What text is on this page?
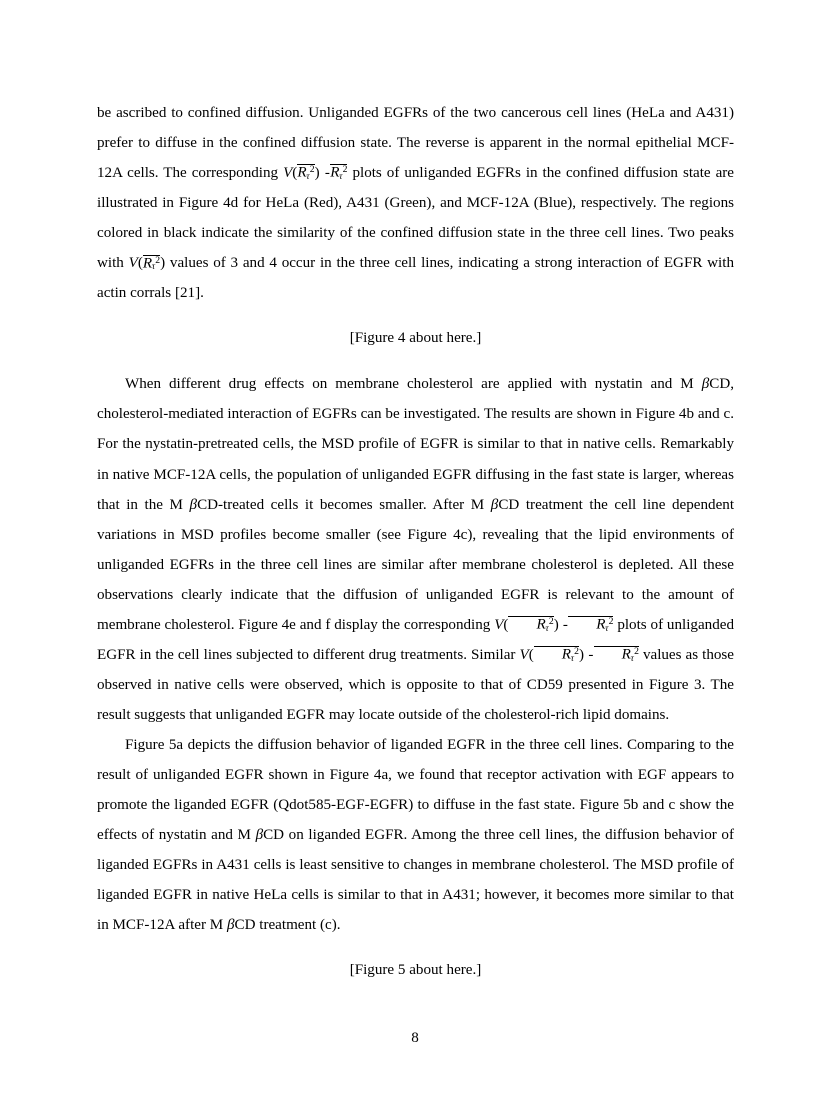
be ascribed to confined diffusion. Unliganded EGFRs of the two cancerous cell lines (HeLa and A431) prefer to diffuse in the confined diffusion state. The reverse is apparent in the normal epithelial MCF-12A cells. The corresponding $V(R_\tau^2)$ $-R_\tau^2$ plots of unliganded EGFRs in the confined diffusion state are illustrated in Figure 4d for HeLa (Red), A431 (Green), and MCF-12A (Blue), respectively. The regions colored in black indicate the similarity of the confined diffusion state in the three cell lines. Two peaks with $V(R_\tau^2)$ values of 3 and 4 occur in the three cell lines, indicating a strong interaction of EGFR with actin corrals [21].

[Figure 4 about here.]

When different drug effects on membrane cholesterol are applied with nystatin and M βCD, cholesterol-mediated interaction of EGFRs can be investigated. The results are shown in Figure 4b and c. For the nystatin-pretreated cells, the MSD profile of EGFR is similar to that in native cells. Remarkably in native MCF-12A cells, the population of unliganded EGFR diffusing in the fast state is larger, whereas that in the M βCD-treated cells it becomes smaller. After M βCD treatment the cell line dependent variations in MSD profiles become smaller (see Figure 4c), revealing that the lipid environments of unliganded EGFRs in the three cell lines are similar after membrane cholesterol is depleted. All these observations clearly indicate that the diffusion of unliganded EGFR is relevant to the amount of membrane cholesterol. Figure 4e and f display the corresponding V( $R_\tau^2) - R_\tau^2$ plots of unliganded EGFR in the cell lines subjected to different drug treatments. Similar V( $R_\tau^2) - R_\tau^2$ values as those observed in native cells were observed, which is opposite to that of CD59 presented in Figure 3. The result suggests that unliganded EGFR may locate outside of the cholesterol-rich lipid domains.

Figure 5a depicts the diffusion behavior of liganded EGFR in the three cell lines. Comparing to the result of unliganded EGFR shown in Figure 4a, we found that receptor activation with EGF appears to promote the liganded EGFR (Qdot585-EGF-EGFR) to diffuse in the fast state. Figure 5b and c show the effects of nystatin and M βCD on liganded EGFR. Among the three cell lines, the diffusion behavior of liganded EGFRs in A431 cells is least sensitive to changes in membrane cholesterol. The MSD profile of liganded EGFR in native HeLa cells is similar to that in A431; however, it becomes more similar to that in MCF-12A after M βCD treatment (c).

[Figure 5 about here.]

8
